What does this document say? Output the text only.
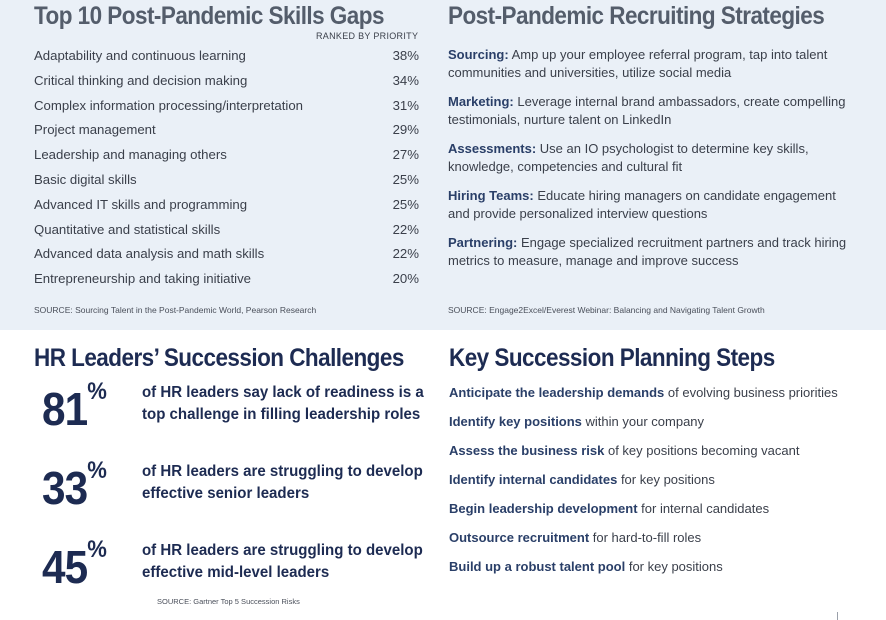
Top 10 Post-Pandemic Skills Gaps
RANKED BY PRIORITY
Adaptability and continuous learning	38%
Critical thinking and decision making	34%
Complex information processing/interpretation	31%
Project management	29%
Leadership and managing others	27%
Basic digital skills	25%
Advanced IT skills and programming	25%
Quantitative and statistical skills	22%
Advanced data analysis and math skills	22%
Entrepreneurship and taking initiative	20%
SOURCE: Sourcing Talent in the Post-Pandemic World, Pearson Research
Post-Pandemic Recruiting Strategies
Sourcing: Amp up your employee referral program, tap into talent communities and universities, utilize social media
Marketing: Leverage internal brand ambassadors, create compelling testimonials, nurture talent on LinkedIn
Assessments: Use an IO psychologist to determine key skills, knowledge, competencies and cultural fit
Hiring Teams: Educate hiring managers on candidate engagement and provide personalized interview questions
Partnering: Engage specialized recruitment partners and track hiring metrics to measure, manage and improve success
SOURCE: Engage2Excel/Everest Webinar: Balancing and Navigating Talent Growth
HR Leaders’ Succession Challenges
81% of HR leaders say lack of readiness is a top challenge in filling leadership roles
33% of HR leaders are struggling to develop effective senior leaders
45% of HR leaders are struggling to develop effective mid-level leaders
SOURCE: Gartner Top 5 Succession Risks
Key Succession Planning Steps
Anticipate the leadership demands of evolving business priorities
Identify key positions within your company
Assess the business risk of key positions becoming vacant
Identify internal candidates for key positions
Begin leadership development for internal candidates
Outsource recruitment for hard-to-fill roles
Build up a robust talent pool for key positions
